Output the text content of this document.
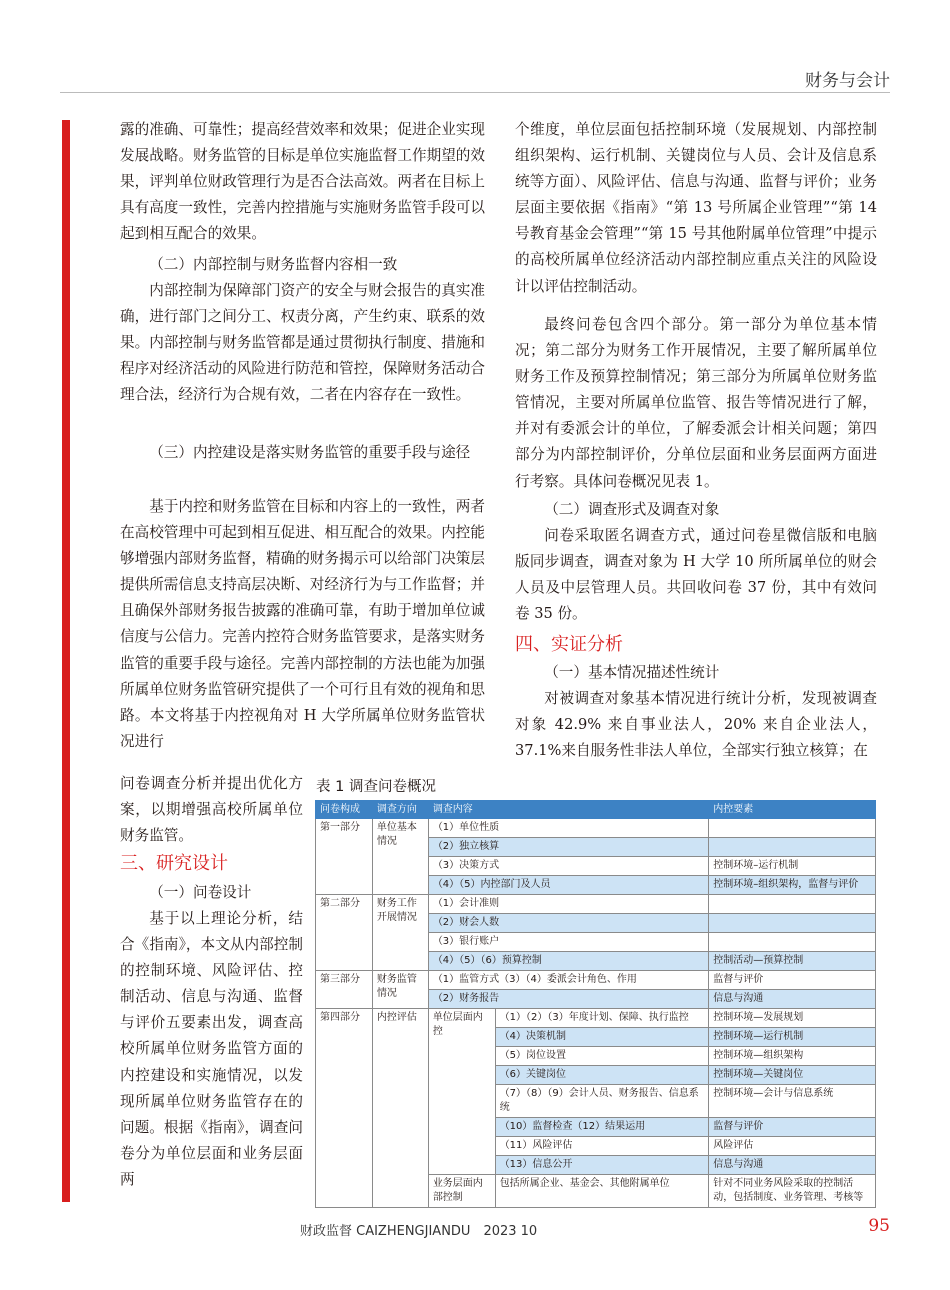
财务与会计

露的准确、可靠性；提高经营效率和效果；促进企业实现发展战略。财务监管的目标是单位实施监督工作期望的效果，评判单位财政管理行为是否合法高效。两者在目标上具有高度一致性，完善内控措施与实施财务监管手段可以起到相互配合的效果。

（二）内部控制与财务监督内容相一致

内部控制为保障部门资产的安全与财会报告的真实准确，进行部门之间分工、权责分离，产生约束、联系的效果。内部控制与财务监管都是通过贯彻执行制度、措施和程序对经济活动的风险进行防范和管控，保障财务活动合理合法，经济行为合规有效，二者在内容存在一致性。

（三）内控建设是落实财务监管的重要手段与途径

基于内控和财务监管在目标和内容上的一致性，两者在高校管理中可起到相互促进、相互配合的效果。内控能够增强内部财务监督，精确的财务揭示可以给部门决策层提供所需信息支持高层决断、对经济行为与工作监督；并且确保外部财务报告披露的准确可靠，有助于增加单位诚信度与公信力。完善内控符合财务监管要求，是落实财务监管的重要手段与途径。完善内部控制的方法也能为加强所属单位财务监管研究提供了一个可行且有效的视角和思路。本文将基于内控视角对 H 大学所属单位财务监管状况进行

问卷调查分析并提出优化方案，以期增强高校所属单位财务监管。

三、研究设计

（一）问卷设计

基于以上理论分析，结合《指南》，本文从内部控制的控制环境、风险评估、控制活动、信息与沟通、监督与评价五要素出发，调查高校所属单位财务监管方面的内控建设和实施情况，以发现所属单位财务监管存在的问题。根据《指南》，调查问卷分为单位层面和业务层面两

个维度，单位层面包括控制环境（发展规划、内部控制组织架构、运行机制、关键岗位与人员、会计及信息系统等方面）、风险评估、信息与沟通、监督与评价；业务层面主要依据《指南》“第 13 号所属企业管理”“第 14 号教育基金会管理”“第 15 号其他附属单位管理”中提示的高校所属单位经济活动内部控制应重点关注的风险设计以评估控制活动。

最终问卷包含四个部分。第一部分为单位基本情况；第二部分为财务工作开展情况，主要了解所属单位财务工作及预算控制情况；第三部分为所属单位财务监管情况，主要对所属单位监管、报告等情况进行了解，并对有委派会计的单位，了解委派会计相关问题；第四部分为内部控制评价，分单位层面和业务层面两方面进行考察。具体问卷概况见表 1。

（二）调查形式及调查对象

问卷采取匿名调查方式，通过问卷星微信版和电脑版同步调查，调查对象为 H 大学 10 所所属单位的财会人员及中层管理人员。共回收问卷 37 份，其中有效问卷 35 份。

四、实证分析

（一）基本情况描述性统计

对被调查对象基本情况进行统计分析，发现被调查对象 42.9% 来自事业法人，20% 来自企业法人，37.1%来自服务性非法人单位，全部实行独立核算；在

表 1 调查问卷概况
问卷构成	调查方向	调查内容		内控要素
第一部分	单位基本情况	（1）单位性质		
		（2）独立核算		
		（3）决策方式		控制环境–运行机制
		（4）（5）内控部门及人员		控制环境–组织架构，监督与评价
第二部分	财务工作开展情况	（1）会计准则		
		（2）财会人数		
		（3）银行账户		
		（4）（5）（6）预算控制		控制活动—预算控制
第三部分	财务监管情况	（1）监管方式（3）（4）委派会计角色、作用		监督与评价
		（2）财务报告		信息与沟通
第四部分	内控评估	单位层面内控	（1）（2）（3）年度计划、保障、执行监控	控制环境—发展规划
			（4）决策机制	控制环境—运行机制
			（5）岗位设置	控制环境—组织架构
			（6）关键岗位	控制环境—关键岗位
			（7）（8）（9）会计人员、财务报告、信息系统	控制环境—会计与信息系统
			（10）监督检查（12）结果运用	监督与评价
			（11）风险评估	风险评估
			（13）信息公开	信息与沟通
		业务层面内部控制	包括所属企业、基金会、其他附属单位	针对不同业务风险采取的控制活动，包括制度、业务管理、考核等
财政监督 CAIZHENGJIANDU　2023 10	95
